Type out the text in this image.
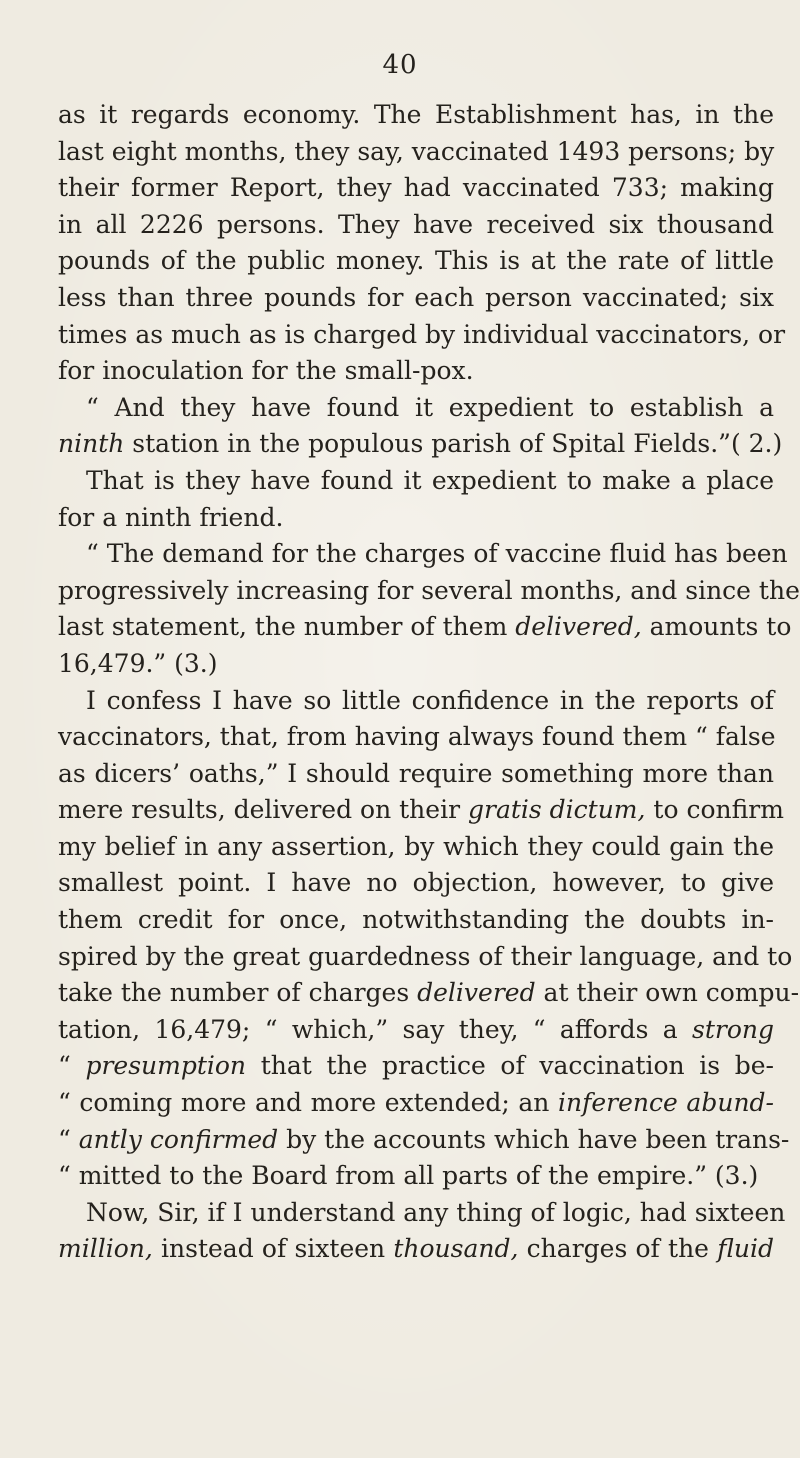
40
as it regards economy. The Establishment has, in the
last eight months, they say, vaccinated 1493 persons; by
their former Report, they had vaccinated 733; making
in all 2226 persons. They have received six thousand
pounds of the public money. This is at the rate of little
less than three pounds for each person vaccinated; six
times as much as is charged by individual vaccinators, or
for inoculation for the small-pox.
“ And they have found it expedient to establish a
ninth station in the populous parish of Spital Fields.”( 2.)
That is they have found it expedient to make a place
for a ninth friend.
“ The demand for the charges of vaccine fluid has been
progressively increasing for several months, and since the
last statement, the number of them delivered, amounts to
16,479.” (3.)
I confess I have so little confidence in the reports of
vaccinators, that, from having always found them “ false
as dicers’ oaths,” I should require something more than
mere results, delivered on their gratis dictum, to confirm
my belief in any assertion, by which they could gain the
smallest point. I have no objection, however, to give
them credit for once, notwithstanding the doubts in-
spired by the great guardedness of their language, and to
take the number of charges delivered at their own compu-
tation, 16,479; “ which,” say they, “ affords a strong
“ presumption that the practice of vaccination is be-
“ coming more and more extended; an inference abund-
“ antly confirmed by the accounts which have been trans-
“ mitted to the Board from all parts of the empire.” (3.)
Now, Sir, if I understand any thing of logic, had sixteen
million, instead of sixteen thousand, charges of the fluid
